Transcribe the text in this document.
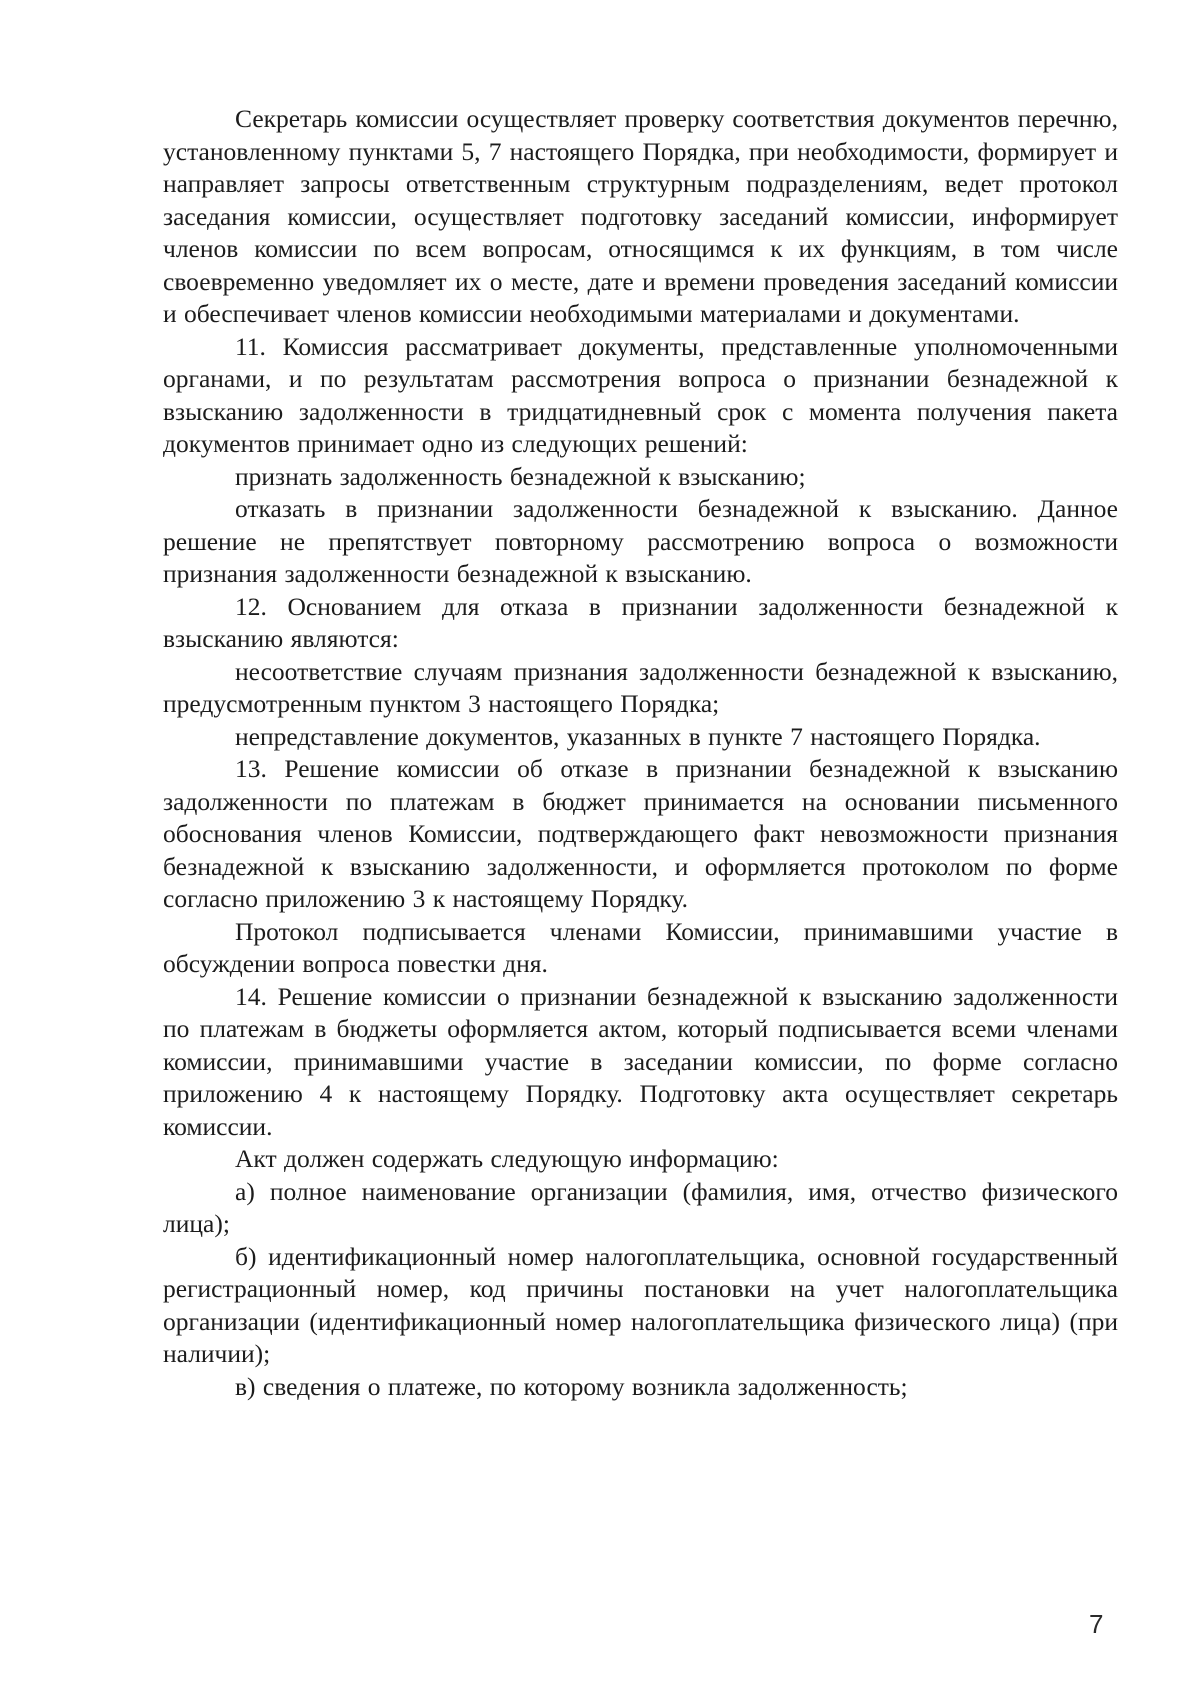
Секретарь комиссии осуществляет проверку соответствия документов перечню, установленному пунктами 5, 7 настоящего Порядка, при необходимости, формирует и направляет запросы ответственным структурным подразделениям, ведет протокол заседания комиссии, осуществляет подготовку заседаний комиссии, информирует членов комиссии по всем вопросам, относящимся к их функциям, в том числе своевременно уведомляет их о месте, дате и времени проведения заседаний комиссии и обеспечивает членов комиссии необходимыми материалами и документами.

11. Комиссия рассматривает документы, представленные уполномоченными органами, и по результатам рассмотрения вопроса о признании безнадежной к взысканию задолженности в тридцатидневный срок с момента получения пакета документов принимает одно из следующих решений:

признать задолженность безнадежной к взысканию;

отказать в признании задолженности безнадежной к взысканию. Данное решение не препятствует повторному рассмотрению вопроса о возможности признания задолженности безнадежной к взысканию.

12. Основанием для отказа в признании задолженности безнадежной к взысканию являются:

несоответствие случаям признания задолженности безнадежной к взысканию, предусмотренным пунктом 3 настоящего Порядка;

непредставление документов, указанных в пункте 7 настоящего Порядка.

13. Решение комиссии об отказе в признании безнадежной к взысканию задолженности по платежам в бюджет принимается на основании письменного обоснования членов Комиссии, подтверждающего факт невозможности признания безнадежной к взысканию задолженности, и оформляется протоколом по форме согласно приложению 3 к настоящему Порядку.

Протокол подписывается членами Комиссии, принимавшими участие в обсуждении вопроса повестки дня.

14. Решение комиссии о признании безнадежной к взысканию задолженности по платежам в бюджеты оформляется актом, который подписывается всеми членами комиссии, принимавшими участие в заседании комиссии, по форме согласно приложению 4 к настоящему Порядку. Подготовку акта осуществляет секретарь комиссии.

Акт должен содержать следующую информацию:

а) полное наименование организации (фамилия, имя, отчество физического лица);

б) идентификационный номер налогоплательщика, основной государственный регистрационный номер, код причины постановки на учет налогоплательщика организации (идентификационный номер налогоплательщика физического лица) (при наличии);

в) сведения о платеже, по которому возникла задолженность;

7
